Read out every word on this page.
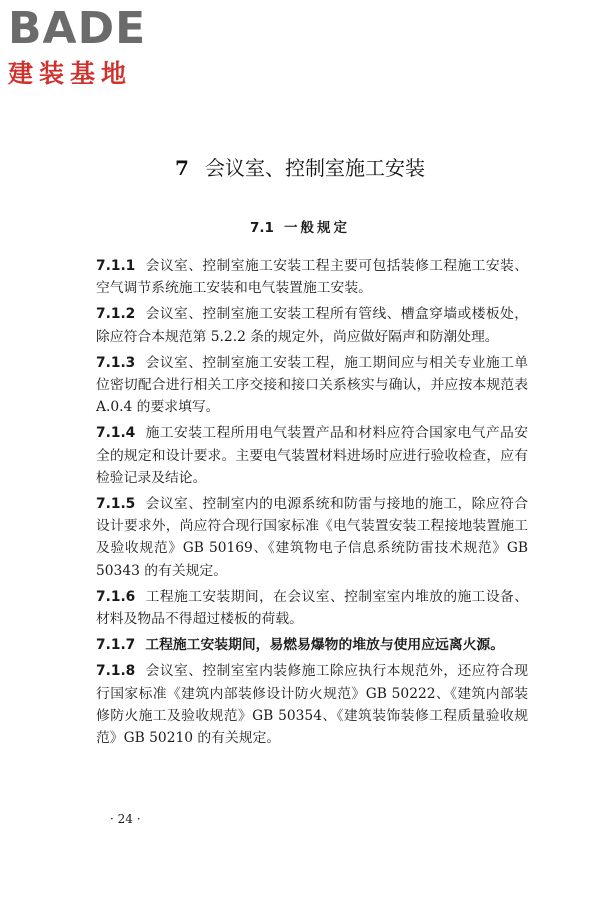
BADE
建装基地
7 会议室、控制室施工安装
7.1 一般规定

7.1.1 会议室、控制室施工安装工程主要可包括装修工程施工安装、空气调节系统施工安装和电气装置施工安装。

7.1.2 会议室、控制室施工安装工程所有管线、槽盒穿墙或楼板处，除应符合本规范第 5.2.2 条的规定外，尚应做好隔声和防潮处理。

7.1.3 会议室、控制室施工安装工程，施工期间应与相关专业施工单位密切配合进行相关工序交接和接口关系核实与确认，并应按本规范表 A.0.4 的要求填写。

7.1.4 施工安装工程所用电气装置产品和材料应符合国家电气产品安全的规定和设计要求。主要电气装置材料进场时应进行验收检查，应有检验记录及结论。

7.1.5 会议室、控制室内的电源系统和防雷与接地的施工，除应符合设计要求外，尚应符合现行国家标准《电气装置安装工程接地装置施工及验收规范》GB 50169、《建筑物电子信息系统防雷技术规范》GB 50343 的有关规定。

7.1.6 工程施工安装期间，在会议室、控制室室内堆放的施工设备、材料及物品不得超过楼板的荷载。

7.1.7 工程施工安装期间，易燃易爆物的堆放与使用应远离火源。

7.1.8 会议室、控制室室内装修施工除应执行本规范外，还应符合现行国家标准《建筑内部装修设计防火规范》GB 50222、《建筑内部装修防火施工及验收规范》GB 50354、《建筑装饰装修工程质量验收规范》GB 50210 的有关规定。

· 24 ·
